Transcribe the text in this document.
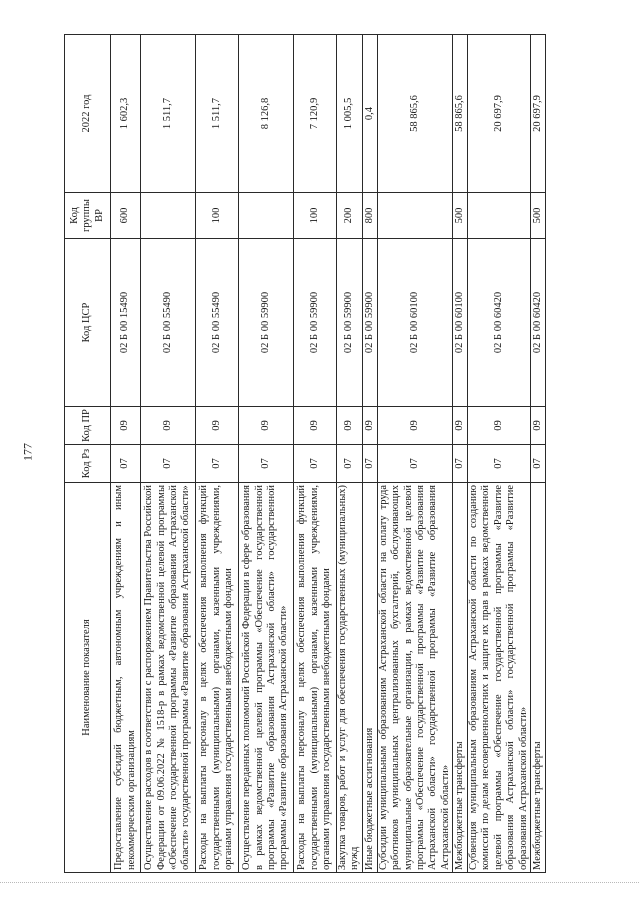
177
Наименование показателя	Код Рз	Код ПР	Код ЦСР	Код группы ВР	2022 год
Предоставление субсидий бюджетным, автономным учреждениям и иным некоммерческим организациям	07	09	02 Б 00 15490	600	1 602,3
Осуществление расходов в соответствии с распоряжением Правительства Российской Федерации от 09.06.2022 № 1518-р в рамках ведомственной целевой программы «Обеспечение государственной программы «Развитие образования Астраханской области» государственной программы «Развитие образования Астраханской области»	07	09	02 Б 00 55490		1 511,7
Расходы на выплаты персоналу в целях обеспечения выполнения функций государственными (муниципальными) органами, казенными учреждениями, органами управления государственными внебюджетными фондами	07	09	02 Б 00 55490	100	1 511,7
Осуществление переданных полномочий Российской Федерации в сфере образования в рамках ведомственной целевой программы «Обеспечение государственной программы «Развитие образования Астраханской области» государственной программы «Развитие образования Астраханской области»	07	09	02 Б 00 59900		8 126,8
Расходы на выплаты персоналу в целях обеспечения выполнения функций государственными (муниципальными) органами, казенными учреждениями, органами управления государственными внебюджетными фондами	07	09	02 Б 00 59900	100	7 120,9
Закупка товаров, работ и услуг для обеспечения государственных (муниципальных) нужд	07	09	02 Б 00 59900	200	1 005,5
Иные бюджетные ассигнования	07	09	02 Б 00 59900	800	0,4
Субсидии муниципальным образованиям Астраханской области на оплату труда работников муниципальных централизованных бухгалтерий, обслуживающих муниципальные образовательные организации, в рамках ведомственной целевой программы «Обеспечение государственной программы «Развитие образования Астраханской области» государственной программы «Развитие образования Астраханской области»	07	09	02 Б 00 60100		58 865,6
Межбюджетные трансферты	07	09	02 Б 00 60100	500	58 865,6
Субвенция муниципальным образованиям Астраханской области по созданию комиссий по делам несовершеннолетних и защите их прав в рамках ведомственной целевой программы «Обеспечение государственной программы «Развитие образования Астраханской области» государственной программы «Развитие образования Астраханской области»	07	09	02 Б 00 60420		20 697,9
Межбюджетные трансферты	07	09	02 Б 00 60420	500	20 697,9
